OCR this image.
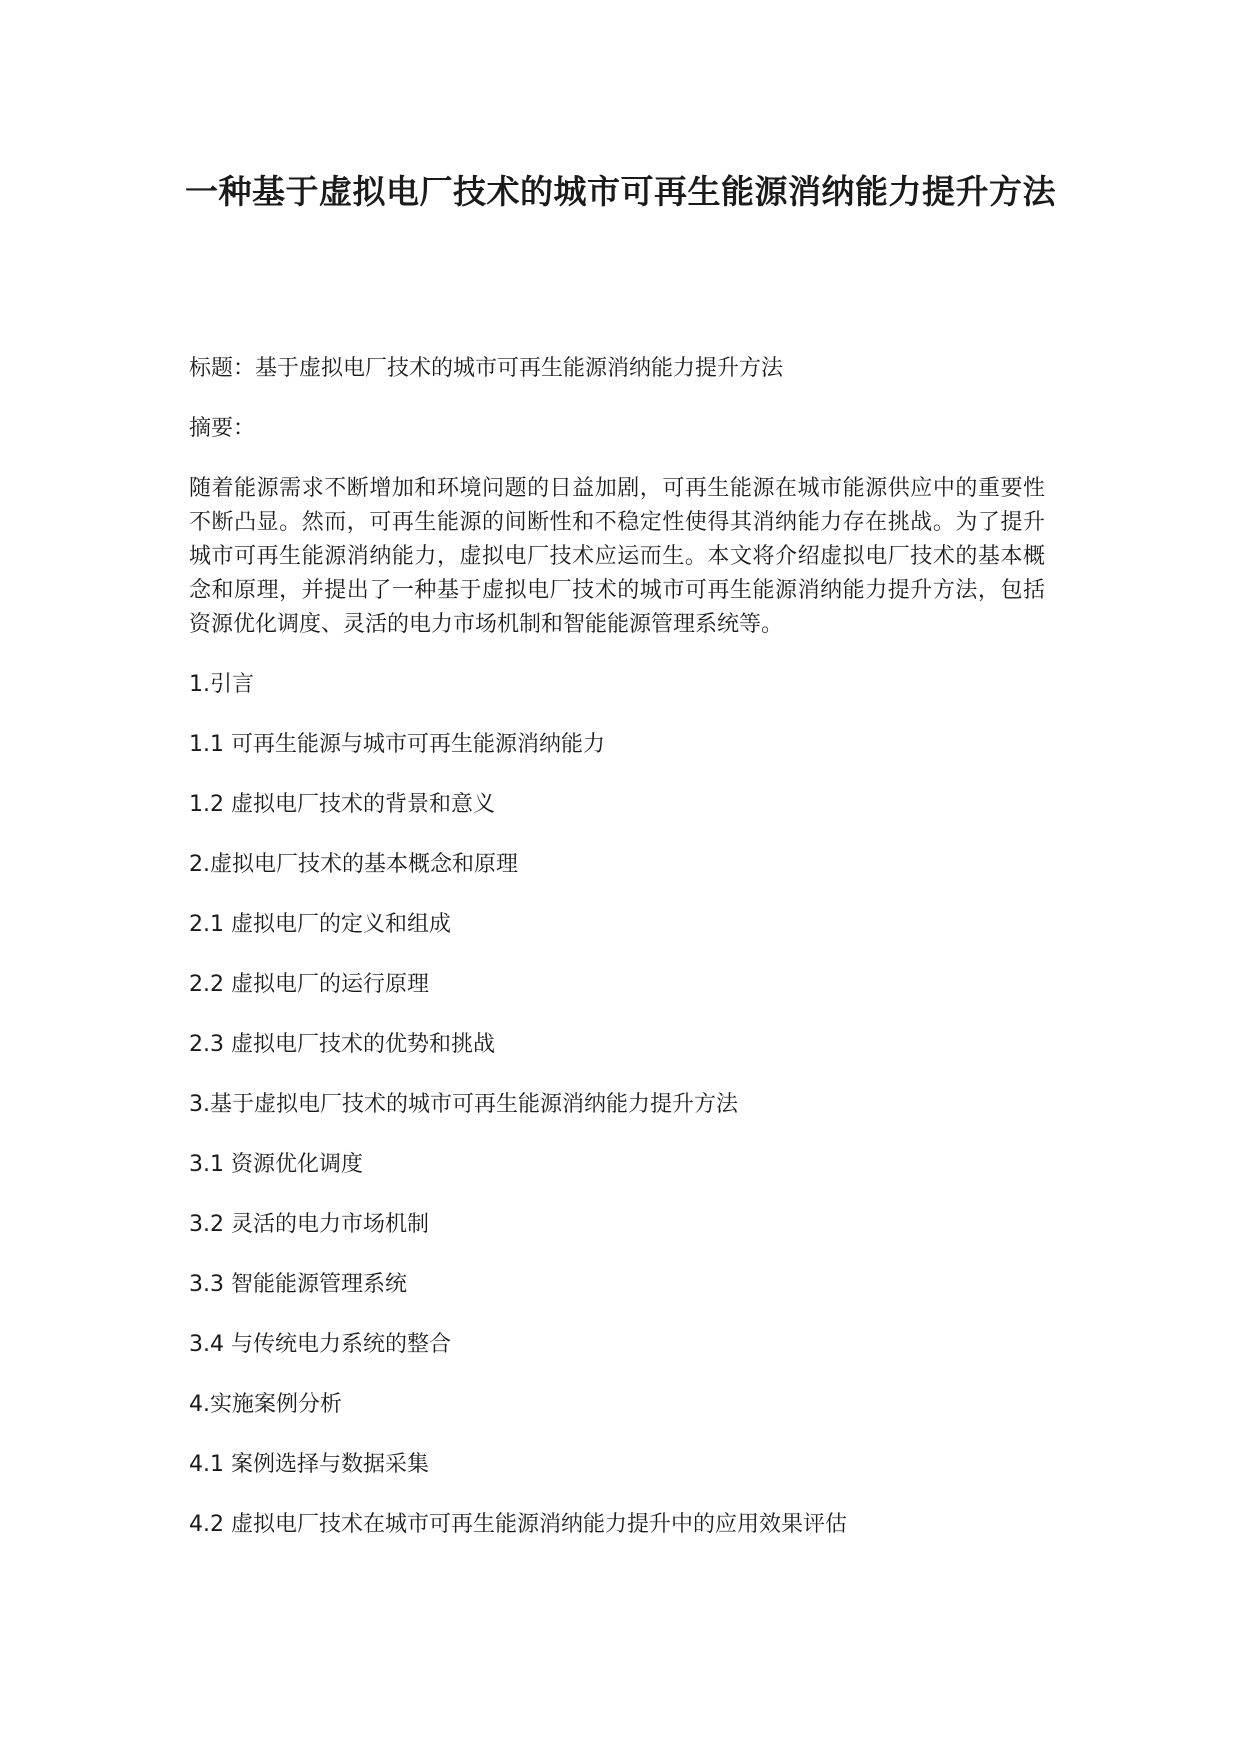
一种基于虚拟电厂技术的城市可再生能源消纳能力提升方法

标题：基于虚拟电厂技术的城市可再生能源消纳能力提升方法

摘要：

随着能源需求不断增加和环境问题的日益加剧，可再生能源在城市能源供应中的重要性不断凸显。然而，可再生能源的间断性和不稳定性使得其消纳能力存在挑战。为了提升城市可再生能源消纳能力，虚拟电厂技术应运而生。本文将介绍虚拟电厂技术的基本概念和原理，并提出了一种基于虚拟电厂技术的城市可再生能源消纳能力提升方法，包括资源优化调度、灵活的电力市场机制和智能能源管理系统等。

1.引言
1.1 可再生能源与城市可再生能源消纳能力
1.2 虚拟电厂技术的背景和意义
2.虚拟电厂技术的基本概念和原理
2.1 虚拟电厂的定义和组成
2.2 虚拟电厂的运行原理
2.3 虚拟电厂技术的优势和挑战
3.基于虚拟电厂技术的城市可再生能源消纳能力提升方法
3.1 资源优化调度
3.2 灵活的电力市场机制
3.3 智能能源管理系统
3.4 与传统电力系统的整合
4.实施案例分析
4.1 案例选择与数据采集
4.2 虚拟电厂技术在城市可再生能源消纳能力提升中的应用效果评估
